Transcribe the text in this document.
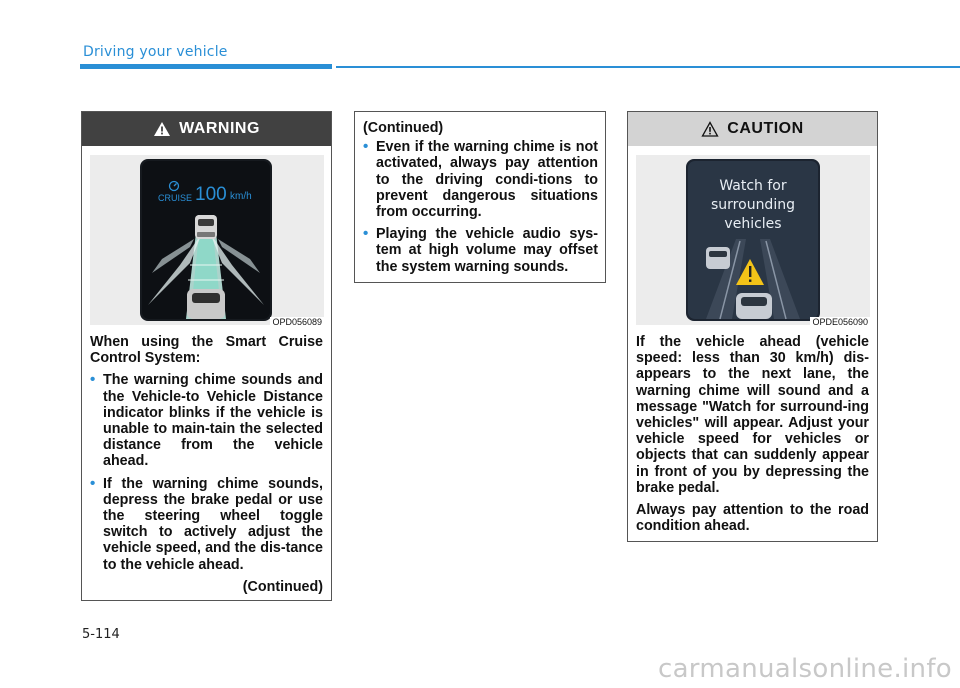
Driving your vehicle
WARNING
CRUISE 100 km/h
OPD056089

When using the Smart Cruise Control System:

• The warning chime sounds and the Vehicle-to Vehicle Distance indicator blinks if the vehicle is unable to main-tain the selected distance from the vehicle ahead.
• If the warning chime sounds, depress the brake pedal or use the steering wheel toggle switch to actively adjust the vehicle speed, and the dis-tance to the vehicle ahead.
(Continued)

(Continued)

• Even if the warning chime is not activated, always pay attention to the driving condi-tions to prevent dangerous situations from occurring.
• Playing the vehicle audio sys-tem at high volume may offset the system warning sounds.
CAUTION
Watch for
surrounding
vehicles
OPDE056090

If the vehicle ahead (vehicle speed: less than 30 km/h) dis-appears to the next lane, the warning chime will sound and a message "Watch for surround-ing vehicles" will appear. Adjust your vehicle speed for vehicles or objects that can suddenly appear in front of you by depressing the brake pedal.

Always pay attention to the road condition ahead.

5-114
carmanualsonline.info
